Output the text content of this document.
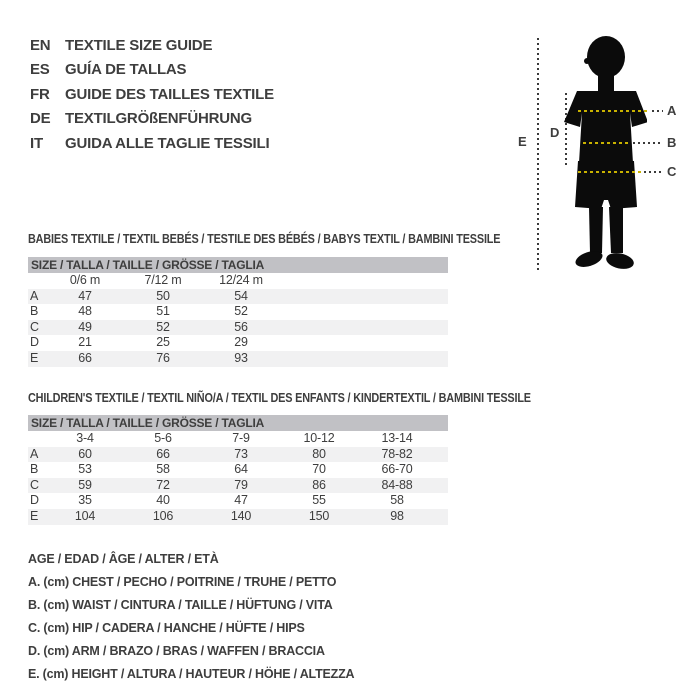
EN TEXTILE SIZE GUIDE
ES	GUÍA DE TALLAS
FR	GUIDE DES TAILLES TEXTILE
DE TEXTILGRÖßENFÜHRUNG
IT	GUIDA ALLE TAGLIE TESSILI
A
B
C
D
E
BABIES TEXTILE / TEXTIL BEBÉS / TESTILE DES BÉBÉS / BABYS TEXTIL / BAMBINI TESSILE
SIZE / TALLA / TAILLE / GRÖSSE / TAGLIA
0/6 m	7/12 m	12/24 m
A	47	50	54
B	48	51	52
C	49	52	56
D	21	25	29
E	66	76	93
CHILDREN'S TEXTILE / TEXTIL NIÑO/A / TEXTIL DES ENFANTS / KINDERTEXTIL / BAMBINI TESSILE
SIZE / TALLA / TAILLE / GRÖSSE / TAGLIA
3-4	5-6	7-9	10-12	13-14
A	60	66	73	80	78-82
B	53	58	64	70	66-70
C	59	72	79	86	84-88
D	35	40	47	55	58
E	104	106	140	150	98
AGE / EDAD / ÂGE / ALTER / ETÀ
A. (cm) CHEST / PECHO / POITRINE / TRUHE / PETTO
B. (cm) WAIST / CINTURA / TAILLE / HÜFTUNG / VITA
C. (cm) HIP / CADERA / HANCHE / HÜFTE / HIPS
D. (cm) ARM / BRAZO / BRAS / WAFFEN / BRACCIA
E. (cm) HEIGHT / ALTURA / HAUTEUR / HÖHE / ALTEZZA
